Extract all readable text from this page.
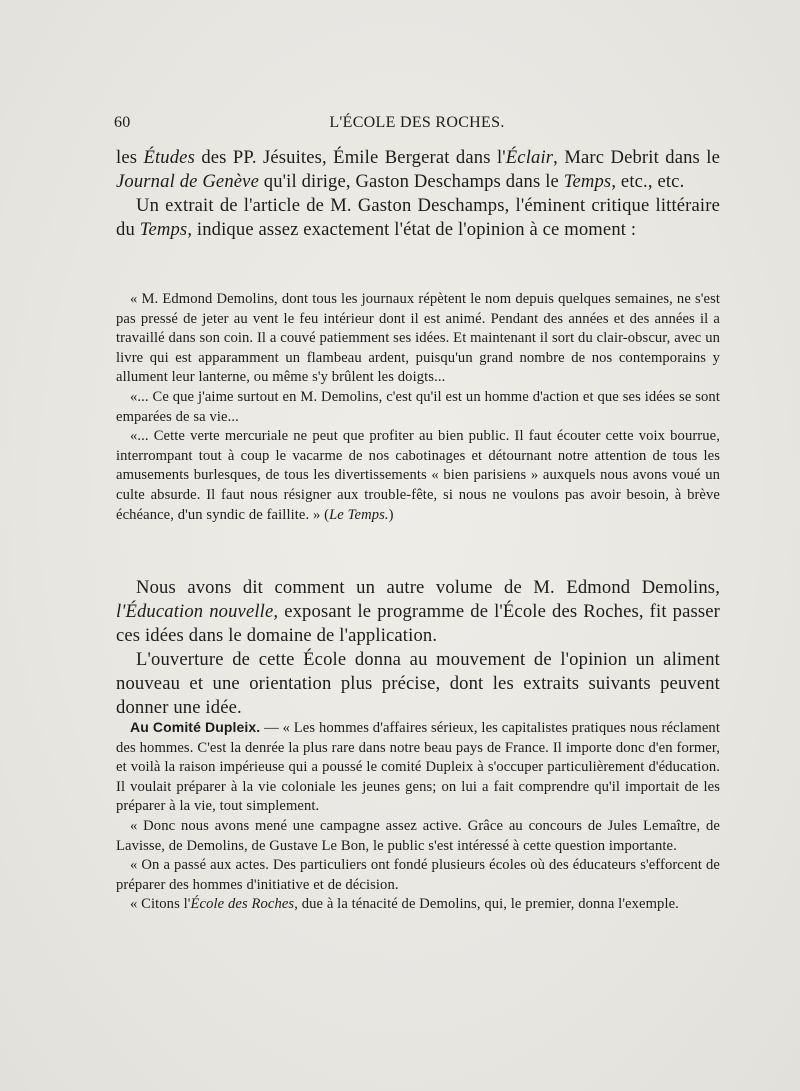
60	L'ÉCOLE DES ROCHES.

les Études des PP. Jésuites, Émile Bergerat dans l'Éclair, Marc Debrit dans le Journal de Genève qu'il dirige, Gaston Deschamps dans le Temps, etc., etc.

Un extrait de l'article de M. Gaston Deschamps, l'éminent critique littéraire du Temps, indique assez exactement l'état de l'opinion à ce moment :

« M. Edmond Demolins, dont tous les journaux répètent le nom depuis quelques semaines, ne s'est pas pressé de jeter au vent le feu intérieur dont il est animé. Pendant des années et des années il a travaillé dans son coin. Il a couvé patiemment ses idées. Et maintenant il sort du clair-obscur, avec un livre qui est apparamment un flambeau ardent, puisqu'un grand nombre de nos contemporains y allument leur lanterne, ou même s'y brûlent les doigts...

«... Ce que j'aime surtout en M. Demolins, c'est qu'il est un homme d'action et que ses idées se sont emparées de sa vie...

«... Cette verte mercuriale ne peut que profiter au bien public. Il faut écouter cette voix bourrue, interrompant tout à coup le vacarme de nos cabotinages et détournant notre attention de tous les amusements burlesques, de tous les divertissements « bien parisiens » auxquels nous avons voué un culte absurde. Il faut nous résigner aux trouble-fête, si nous ne voulons pas avoir besoin, à brève échéance, d'un syndic de faillite. » (Le Temps.)

Nous avons dit comment un autre volume de M. Edmond Demolins, l'Éducation nouvelle, exposant le programme de l'École des Roches, fit passer ces idées dans le domaine de l'application.

L'ouverture de cette École donna au mouvement de l'opinion un aliment nouveau et une orientation plus précise, dont les extraits suivants peuvent donner une idée.

Au Comité Dupleix. — « Les hommes d'affaires sérieux, les capitalistes pratiques nous réclament des hommes. C'est la denrée la plus rare dans notre beau pays de France. Il importe donc d'en former, et voilà la raison impérieuse qui a poussé le comité Dupleix à s'occuper particulièrement d'éducation. Il voulait préparer à la vie coloniale les jeunes gens; on lui a fait comprendre qu'il importait de les préparer à la vie, tout simplement.

« Donc nous avons mené une campagne assez active. Grâce au concours de Jules Lemaître, de Lavisse, de Demolins, de Gustave Le Bon, le public s'est intéressé à cette question importante.

« On a passé aux actes. Des particuliers ont fondé plusieurs écoles où des éducateurs s'efforcent de préparer des hommes d'initiative et de décision.

« Citons l'École des Roches, due à la ténacité de Demolins, qui, le premier, donna l'exemple.
